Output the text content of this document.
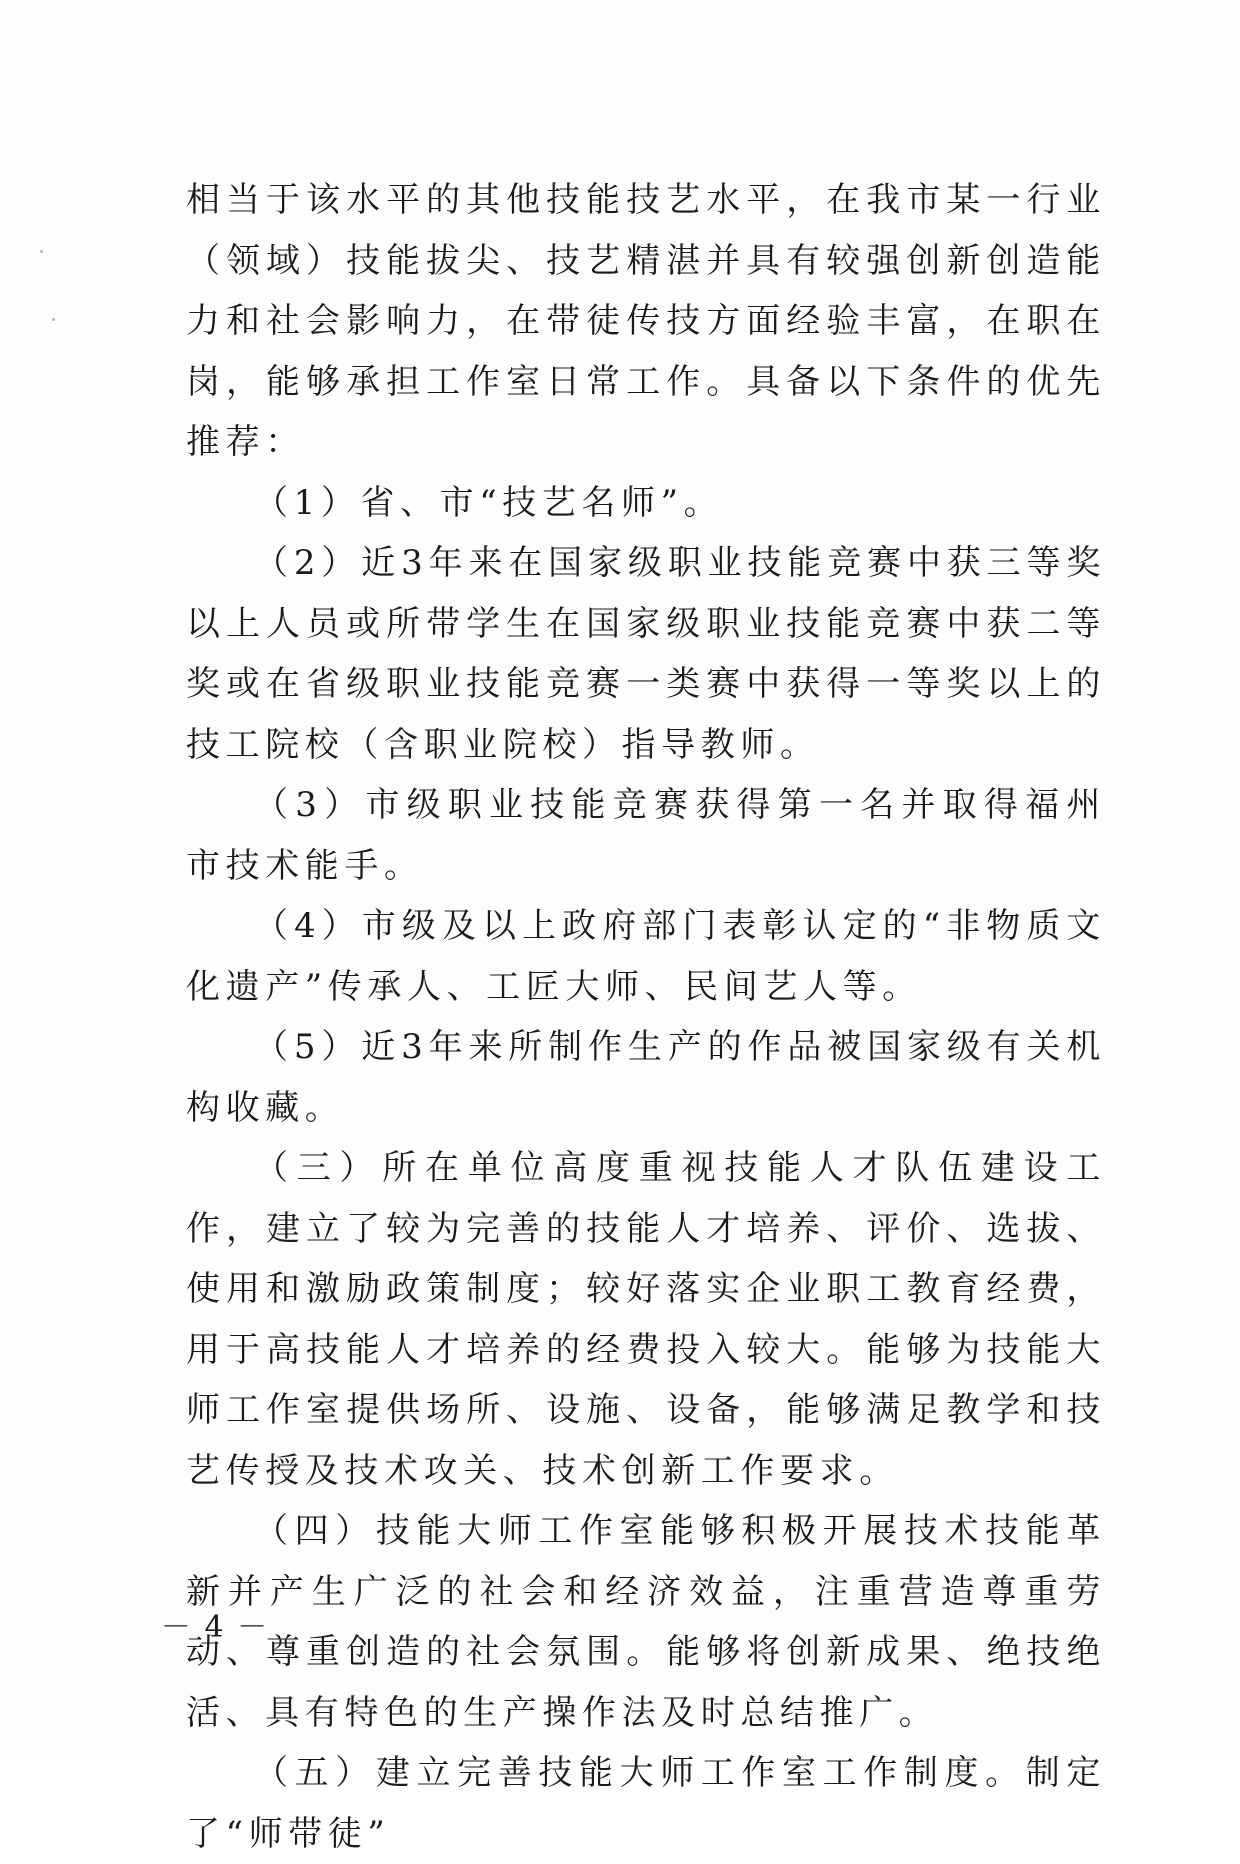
相当于该水平的其他技能技艺水平，在我市某一行业（领域）技能拔尖、技艺精湛并具有较强创新创造能力和社会影响力，在带徒传技方面经验丰富，在职在岗，能够承担工作室日常工作。具备以下条件的优先推荐：

（1）省、市“技艺名师”。

（2）近3年来在国家级职业技能竞赛中获三等奖以上人员或所带学生在国家级职业技能竞赛中获二等奖或在省级职业技能竞赛一类赛中获得一等奖以上的技工院校（含职业院校）指导教师。

（3）市级职业技能竞赛获得第一名并取得福州市技术能手。

（4）市级及以上政府部门表彰认定的“非物质文化遗产”传承人、工匠大师、民间艺人等。

（5）近3年来所制作生产的作品被国家级有关机构收藏。

（三）所在单位高度重视技能人才队伍建设工作，建立了较为完善的技能人才培养、评价、选拔、使用和激励政策制度；较好落实企业职工教育经费，用于高技能人才培养的经费投入较大。能够为技能大师工作室提供场所、设施、设备，能够满足教学和技艺传授及技术攻关、技术创新工作要求。

（四）技能大师工作室能够积极开展技术技能革新并产生广泛的社会和经济效益，注重营造尊重劳动、尊重创造的社会氛围。能够将创新成果、绝技绝活、具有特色的生产操作法及时总结推广。

（五）建立完善技能大师工作室工作制度。制定了“师带徒”

－ 4 －
